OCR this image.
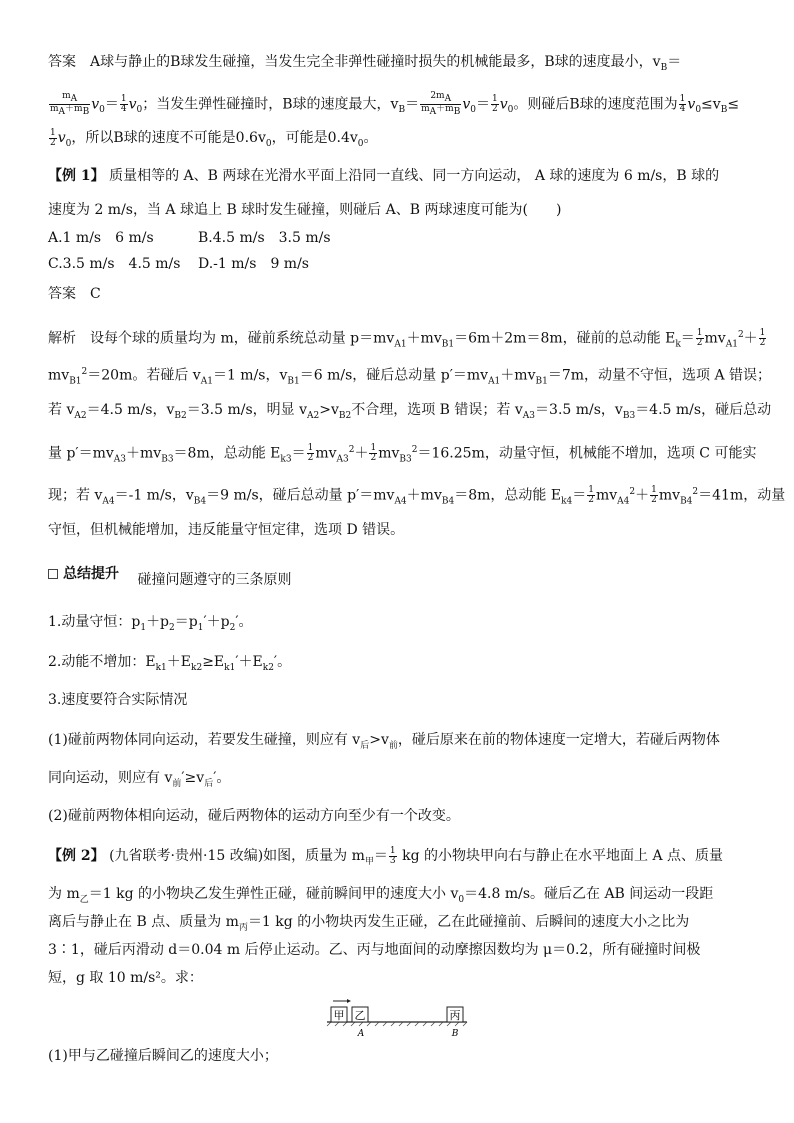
答案　A球与静止的B球发生碰撞，当发生完全非弹性碰撞时损失的机械能最多，B球的速度最小，$v_B=$
$\frac{m_A}{m_A+m_B} v_0= \frac{1}{4} v_0$；当发生弹性碰撞时，B球的速度最大，$v_B= \frac{2m_A}{m_A+m_B} v_0= \frac{1}{2} v_0$。则碰后B球的速度范围为 $\frac{1}{4} v_0\le v_B\le$
$\frac{1}{2} v_0$，所以B球的速度不可能是$0.6v_0$，可能是$0.4v_0$。
【例 1】 质量相等的 A、B 两球在光滑水平面上沿同一直线、同一方向运动， A 球的速度为 6 m/s，B 球的
速度为 2 m/s，当 A 球追上 B 球时发生碰撞，则碰后 A、B 两球速度可能为(　　)
A.1 m/s　6 m/s	B.4.5 m/s　3.5 m/s
C.3.5 m/s　4.5 m/s D.-1 m/s　9 m/s
答案　C
解析　设每个球的质量均为 m，碰前系统总动量 $p=mv_{A1}+mv_{B1}=6m+2m=8m$，碰前的总动能 $E_k= \frac{1}{2} mv_{A1}^2+ \frac{1}{2}$
$mv_{B1}^2=20m$。若碰后 $v_{A1}=1$ m/s，$v_{B1}=6$ m/s，碰后总动量 $p'=mv_{A1}+mv_{B1}=7m$，动量不守恒，选项 A 错误；
若 $v_{A2}=4.5$ m/s，$v_{B2}=3.5$ m/s，明显 $v_{A2}>v_{B2}$不合理，选项 B 错误；若 $v_{A3}=3.5$ m/s，$v_{B3}=4.5$ m/s，碰后总动
量 $p'=mv_{A3}+mv_{B3}=8m$，总动能 $E_{k3}= \frac{1}{2} mv_{A3}^2+ \frac{1}{2} mv_{B3}^2=16.25m$，动量守恒，机械能不增加，选项 C 可能实
现；若 $v_{A4}=-1$ m/s，$v_{B4}=9$ m/s，碰后总动量 $p'=mv_{A4}+mv_{B4}=8m$，总动能 $E_{k4}= \frac{1}{2} mv_{A4}^2+ \frac{1}{2} mv_{B4}^2=41m$，动量
守恒，但机械能增加，违反能量守恒定律，选项 D 错误。
总结提升 碰撞问题遵守的三条原则
1.动量守恒：$p_1+p_2=p_1'+p_2'$。
2.动能不增加：$E_{k1}+E_{k2}\ge E_{k1}'+E_{k2}'$。
3.速度要符合实际情况
(1)碰前两物体同向运动，若要发生碰撞，则应有 $v_后>v_前$，碰后原来在前的物体速度一定增大，若碰后两物体
同向运动，则应有 $v_前'\ge v_后'$。
(2)碰前两物体相向运动，碰后两物体的运动方向至少有一个改变。
【例 2】 (九省联考·贵州·15 改编)如图，质量为 $m_甲= \frac{1}{3}$ kg 的小物块甲向右与静止在水平地面上 A 点、质量
为 $m_乙=1$ kg 的小物块乙发生弹性正碰，碰前瞬间甲的速度大小 $v_0=4.8$ m/s。碰后乙在 AB 间运动一段距
离后与静止在 B 点、质量为 $m_丙=1$ kg 的小物块丙发生正碰，乙在此碰撞前、后瞬间的速度大小之比为
3∶1，碰后丙滑动 d＝0.04 m 后停止运动。乙、丙与地面间的动摩擦因数均为 μ＝0.2，所有碰撞时间极
短，g 取 10 m/s²。求：
甲 乙	丙
A	B
(1)甲与乙碰撞后瞬间乙的速度大小；
